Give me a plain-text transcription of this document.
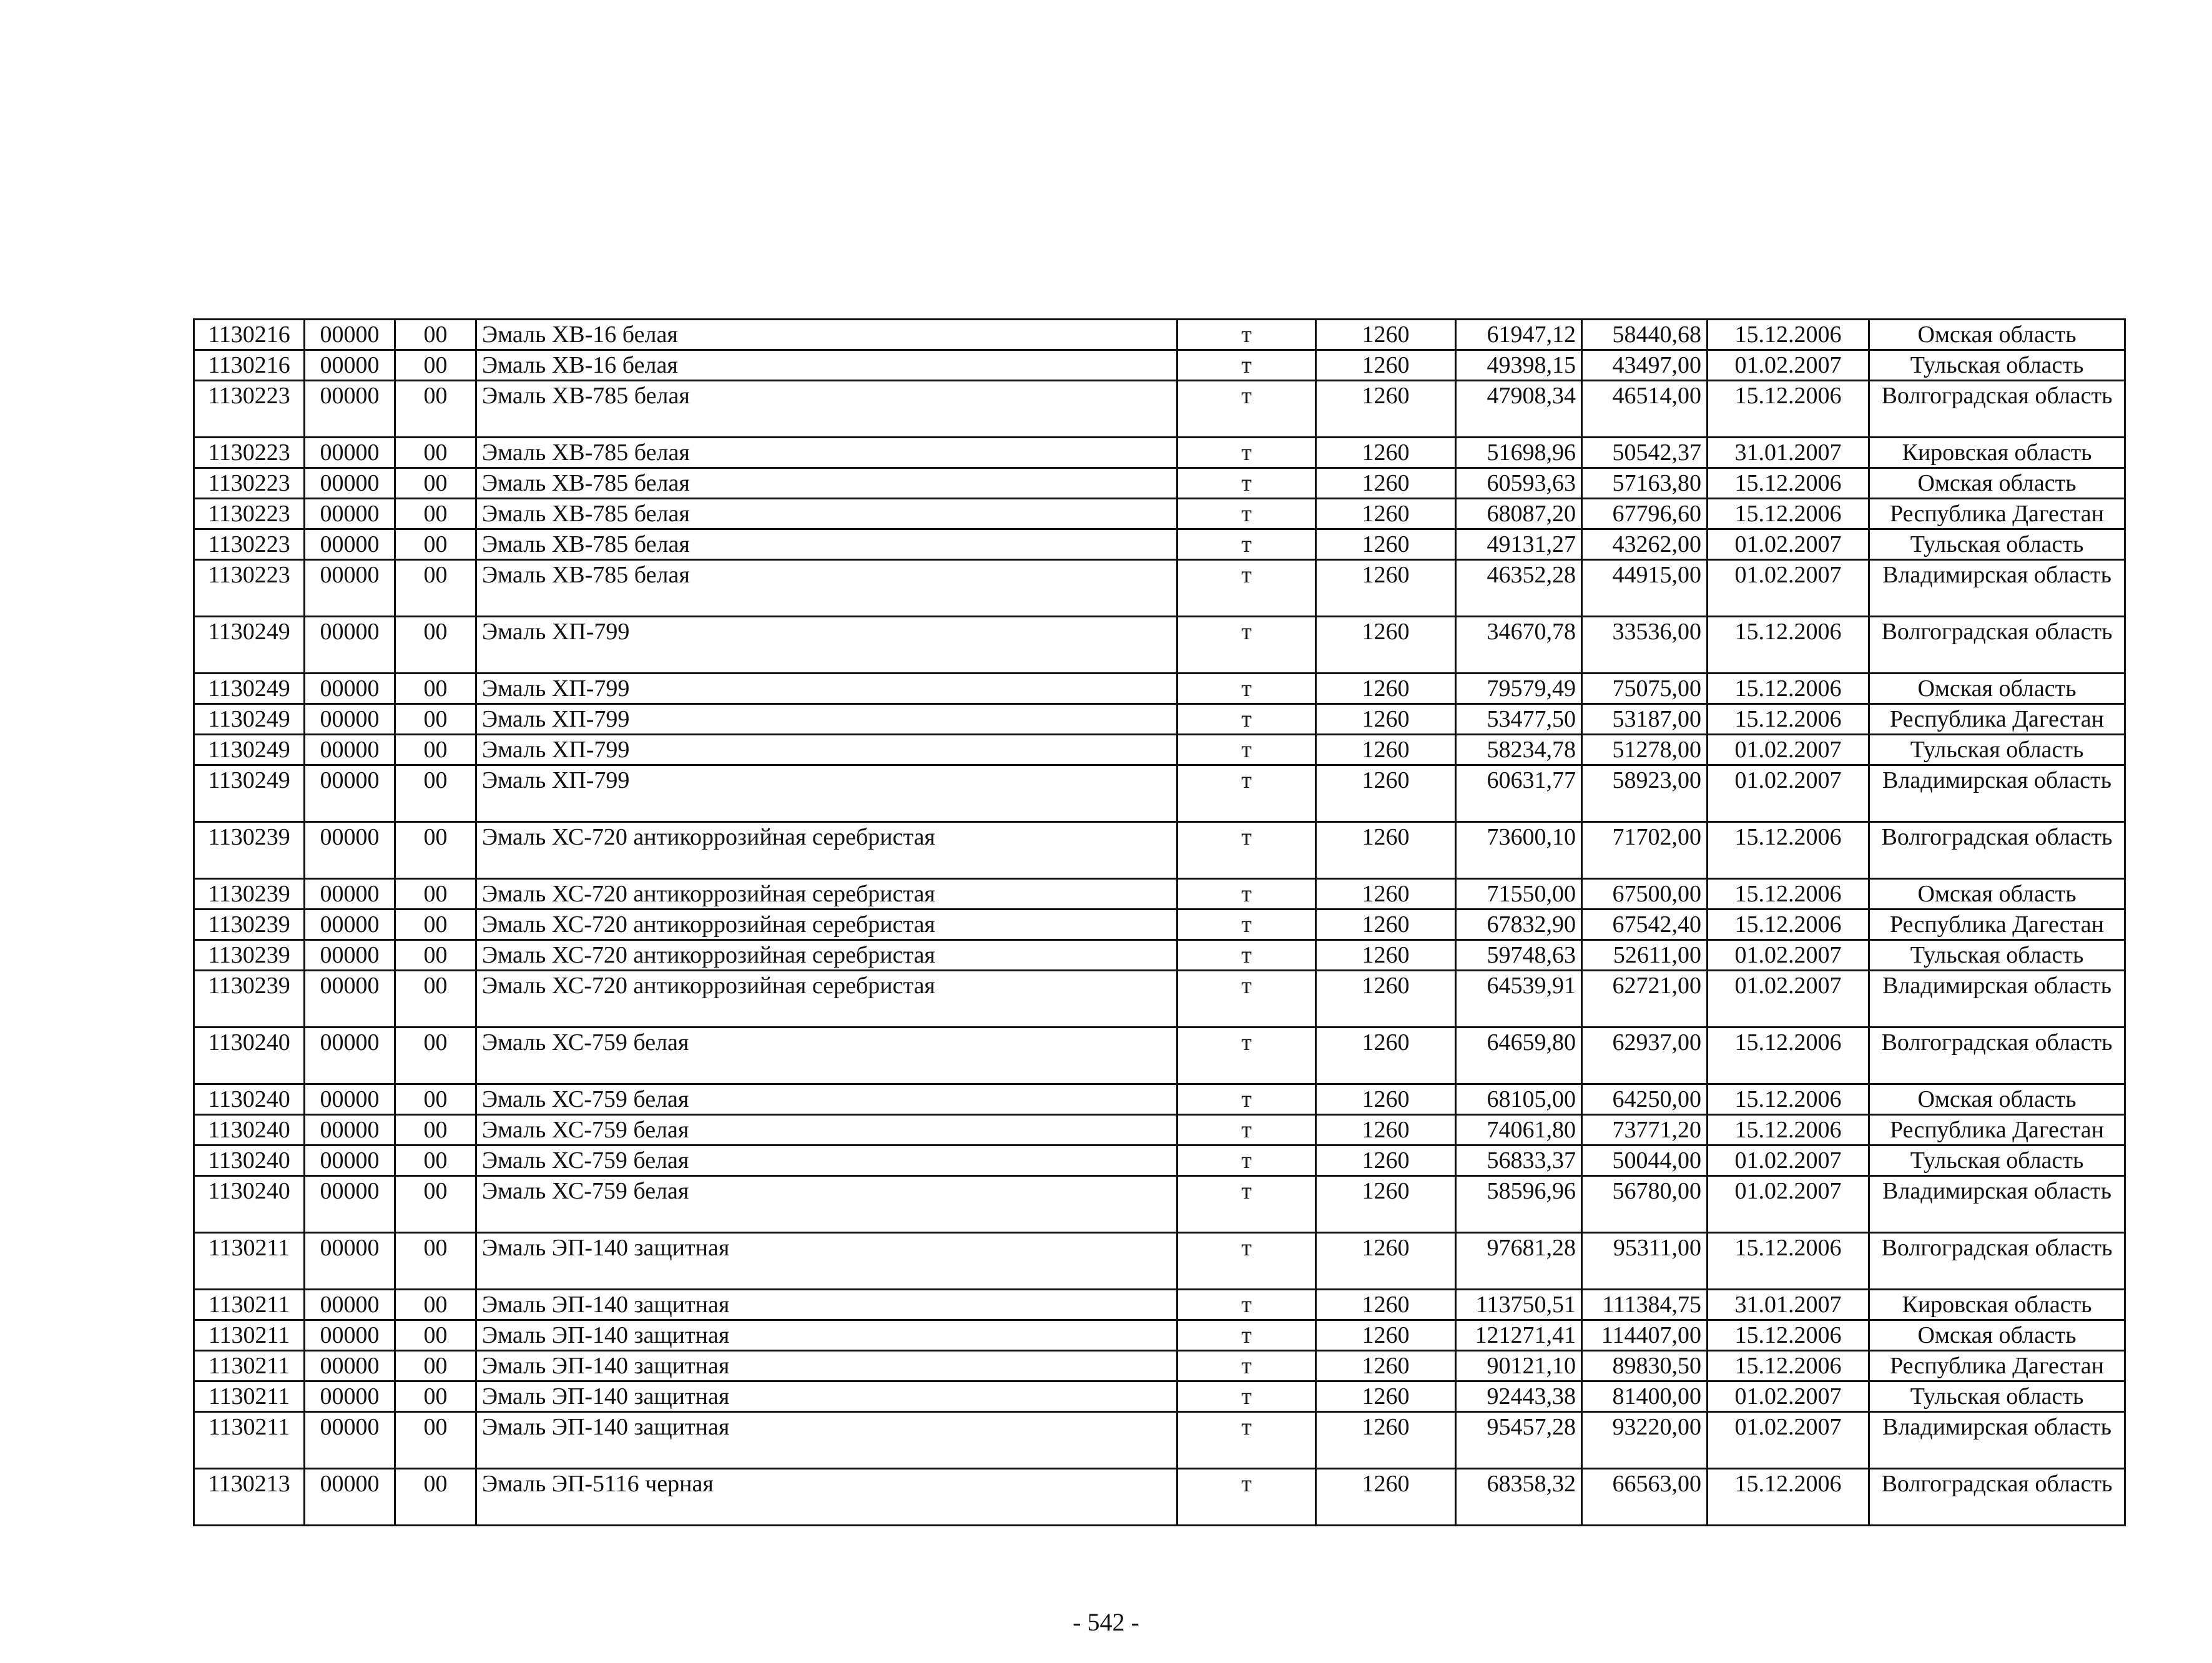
1130216	00000	00	Эмаль ХВ-16 белая	т	1260	61947,12	58440,68	15.12.2006	Омская область
1130216	00000	00	Эмаль ХВ-16 белая	т	1260	49398,15	43497,00	01.02.2007	Тульская область
1130223	00000	00	Эмаль ХВ-785 белая	т	1260	47908,34	46514,00	15.12.2006	Волгоградская область
1130223	00000	00	Эмаль ХВ-785 белая	т	1260	51698,96	50542,37	31.01.2007	Кировская область
1130223	00000	00	Эмаль ХВ-785 белая	т	1260	60593,63	57163,80	15.12.2006	Омская область
1130223	00000	00	Эмаль ХВ-785 белая	т	1260	68087,20	67796,60	15.12.2006	Республика Дагестан
1130223	00000	00	Эмаль ХВ-785 белая	т	1260	49131,27	43262,00	01.02.2007	Тульская область
1130223	00000	00	Эмаль ХВ-785 белая	т	1260	46352,28	44915,00	01.02.2007	Владимирская область
1130249	00000	00	Эмаль ХП-799	т	1260	34670,78	33536,00	15.12.2006	Волгоградская область
1130249	00000	00	Эмаль ХП-799	т	1260	79579,49	75075,00	15.12.2006	Омская область
1130249	00000	00	Эмаль ХП-799	т	1260	53477,50	53187,00	15.12.2006	Республика Дагестан
1130249	00000	00	Эмаль ХП-799	т	1260	58234,78	51278,00	01.02.2007	Тульская область
1130249	00000	00	Эмаль ХП-799	т	1260	60631,77	58923,00	01.02.2007	Владимирская область
1130239	00000	00	Эмаль ХС-720 антикоррозийная серебристая	т	1260	73600,10	71702,00	15.12.2006	Волгоградская область
1130239	00000	00	Эмаль ХС-720 антикоррозийная серебристая	т	1260	71550,00	67500,00	15.12.2006	Омская область
1130239	00000	00	Эмаль ХС-720 антикоррозийная серебристая	т	1260	67832,90	67542,40	15.12.2006	Республика Дагестан
1130239	00000	00	Эмаль ХС-720 антикоррозийная серебристая	т	1260	59748,63	52611,00	01.02.2007	Тульская область
1130239	00000	00	Эмаль ХС-720 антикоррозийная серебристая	т	1260	64539,91	62721,00	01.02.2007	Владимирская область
1130240	00000	00	Эмаль ХС-759 белая	т	1260	64659,80	62937,00	15.12.2006	Волгоградская область
1130240	00000	00	Эмаль ХС-759 белая	т	1260	68105,00	64250,00	15.12.2006	Омская область
1130240	00000	00	Эмаль ХС-759 белая	т	1260	74061,80	73771,20	15.12.2006	Республика Дагестан
1130240	00000	00	Эмаль ХС-759 белая	т	1260	56833,37	50044,00	01.02.2007	Тульская область
1130240	00000	00	Эмаль ХС-759 белая	т	1260	58596,96	56780,00	01.02.2007	Владимирская область
1130211	00000	00	Эмаль ЭП-140 защитная	т	1260	97681,28	95311,00	15.12.2006	Волгоградская область
1130211	00000	00	Эмаль ЭП-140 защитная	т	1260	113750,51	111384,75	31.01.2007	Кировская область
1130211	00000	00	Эмаль ЭП-140 защитная	т	1260	121271,41	114407,00	15.12.2006	Омская область
1130211	00000	00	Эмаль ЭП-140 защитная	т	1260	90121,10	89830,50	15.12.2006	Республика Дагестан
1130211	00000	00	Эмаль ЭП-140 защитная	т	1260	92443,38	81400,00	01.02.2007	Тульская область
1130211	00000	00	Эмаль ЭП-140 защитная	т	1260	95457,28	93220,00	01.02.2007	Владимирская область
1130213	00000	00	Эмаль ЭП-5116 черная	т	1260	68358,32	66563,00	15.12.2006	Волгоградская область
- 542 -
